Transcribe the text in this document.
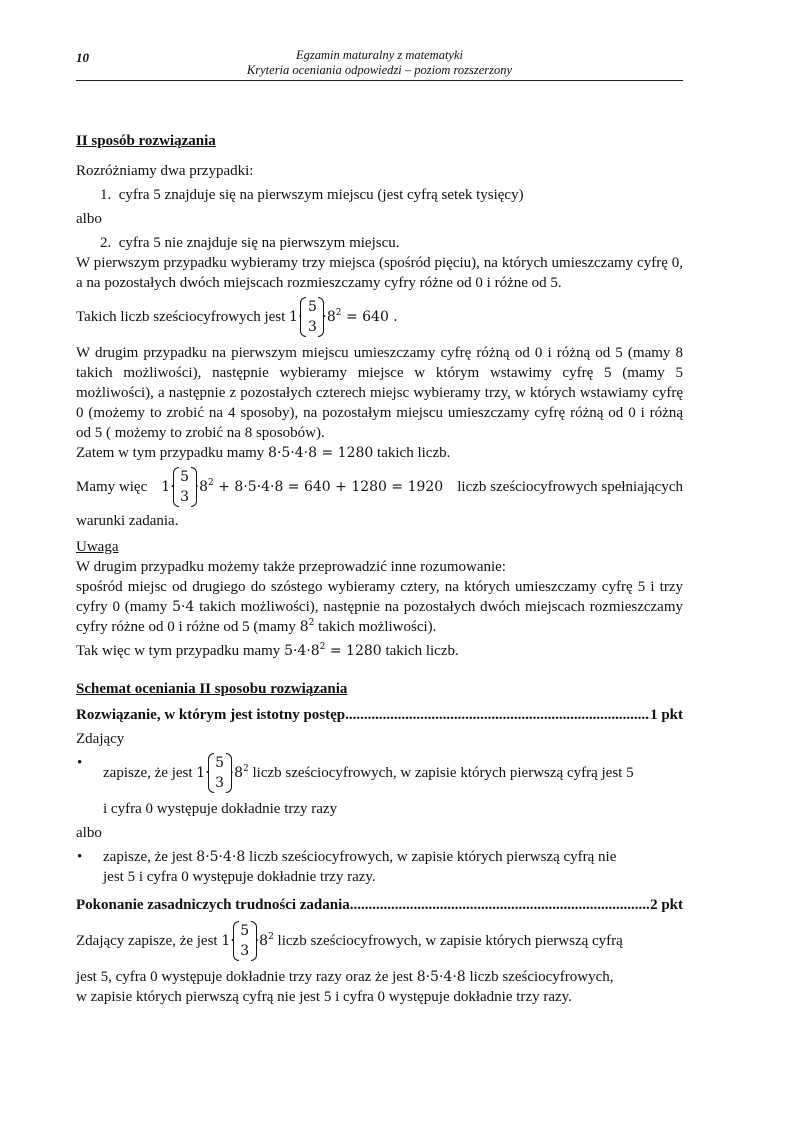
10	Egzamin maturalny z matematyki
Kryteria oceniania odpowiedzi – poziom rozszerzony
II sposób rozwiązania

Rozróżniamy dwa przypadki:

1.  cyfra 5 znajduje się na pierwszym miejscu (jest cyfrą setek tysięcy)

albo

2.  cyfra 5 nie znajduje się na pierwszym miejscu.

W pierwszym przypadku wybieramy trzy miejsca (spośród pięciu), na których umieszczamy cyfrę 0, a na pozostałych dwóch miejscach rozmieszczamy cyfry różne od 0 i różne od 5.

Takich liczb sześciocyfrowych jest
1·
5
3
$\cdot 8^2 = 640$ .

W drugim przypadku na pierwszym miejscu umieszczamy cyfrę różną od 0 i różną od 5 (mamy 8 takich możliwości), następnie wybieramy miejsce w którym wstawimy cyfrę 5 (mamy 5 możliwości), a następnie z pozostałych czterech miejsc wybieramy trzy, w których wstawiamy cyfrę 0 (możemy to zrobić na 4 sposoby), na pozostałym miejscu umieszczamy cyfrę różną od 0 i różną od 5 ( możemy to zrobić na 8 sposobów).

Zatem w tym przypadku mamy 8·5·4·8 = 1280 takich liczb.

Mamy więc 1·
5
3
$\cdot 8^2 + 8\cdot 5\cdot 4\cdot 8 = 640 + 1280 = 1920$ liczb sześciocyfrowych spełniających

warunki zadania.

Uwaga

W drugim przypadku możemy także przeprowadzić inne rozumowanie:

spośród miejsc od drugiego do szóstego wybieramy cztery, na których umieszczamy cyfrę 5 i trzy cyfry 0 (mamy 5·4 takich możliwości), następnie na pozostałych dwóch miejscach rozmieszczamy cyfry różne od 0 i różne od 5 (mamy $8^2$ takich możliwości).

Tak więc w tym przypadku mamy $5\cdot 4\cdot 8^2 = 1280$ takich liczb.

Schemat oceniania II sposobu rozwiązania

Rozwiązanie, w którym jest istotny postęp .....	1 pkt

Zdający

•
zapisze, że jest
1·
5
3
$\cdot 8^2$
liczb sześciocyfrowych, w zapisie których pierwszą cyfrą jest 5

i cyfra 0 występuje dokładnie trzy razy

albo

• zapisze, że jest 8·5·4·8 liczb sześciocyfrowych, w zapisie których pierwszą cyfrą nie

jest 5 i cyfra 0 występuje dokładnie trzy razy.

Pokonanie zasadniczych trudności zadania .....	2 pkt
Zdający zapisze, że jest
1·
5
3
$\cdot 8^2$
liczb sześciocyfrowych, w zapisie których pierwszą cyfrą

jest 5, cyfra 0 występuje dokładnie trzy razy oraz że jest 8·5·4·8 liczb sześciocyfrowych,

w zapisie których pierwszą cyfrą nie jest 5 i cyfra 0 występuje dokładnie trzy razy.
